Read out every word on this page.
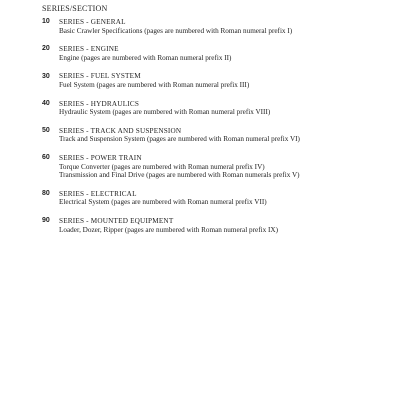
SERIES/SECTION
10	SERIES - GENERAL
Basic Crawler Specifications (pages are numbered with Roman numeral prefix I)
20	SERIES - ENGINE
Engine (pages are numbered with Roman numeral prefix II)
30	SERIES - FUEL SYSTEM
Fuel System (pages are numbered with Roman numeral prefix III)
40	SERIES - HYDRAULICS
Hydraulic System (pages are numbered with Roman numeral prefix VIII)
50	SERIES - TRACK AND SUSPENSION
Track and Suspension System (pages are numbered with Roman numeral prefix VI)
60	SERIES - POWER TRAIN
Torque Converter (pages are numbered with Roman numeral prefix IV)
Transmission and Final Drive (pages are numbered with Roman numerals prefix V)
80	SERIES - ELECTRICAL
Electrical System (pages are numbered with Roman numeral prefix VII)
90	SERIES - MOUNTED EQUIPMENT
Loader, Dozer, Ripper (pages are numbered with Roman numeral prefix IX)
